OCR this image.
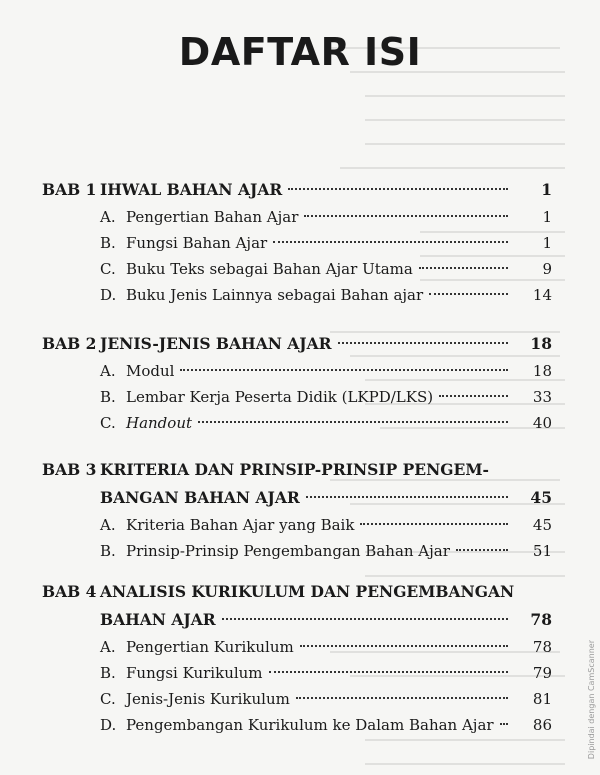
DAFTAR ISI
BAB 1 IHWAL BAHAN AJAR	1
A. Pengertian Bahan Ajar	1
B. Fungsi Bahan Ajar	1
C. Buku Teks sebagai Bahan Ajar Utama	9
D. Buku Jenis Lainnya sebagai Bahan ajar	14
BAB 2 JENIS-JENIS BAHAN AJAR	18
A. Modul	18
B. Lembar Kerja Peserta Didik (LKPD/LKS)	33
C. Handout	40
BAB 3 KRITERIA DAN PRINSIP-PRINSIP PENGEM-
BANGAN BAHAN AJAR	45
A. Kriteria Bahan Ajar yang Baik	45
B. Prinsip-Prinsip Pengembangan Bahan Ajar	51
BAB 4 ANALISIS KURIKULUM DAN PENGEMBANGAN
BAHAN AJAR	78
A. Pengertian Kurikulum	78
B. Fungsi Kurikulum	79
C. Jenis-Jenis Kurikulum	81
D. Pengembangan Kurikulum ke Dalam Bahan Ajar	86	Dipindai dengan CamScanner
